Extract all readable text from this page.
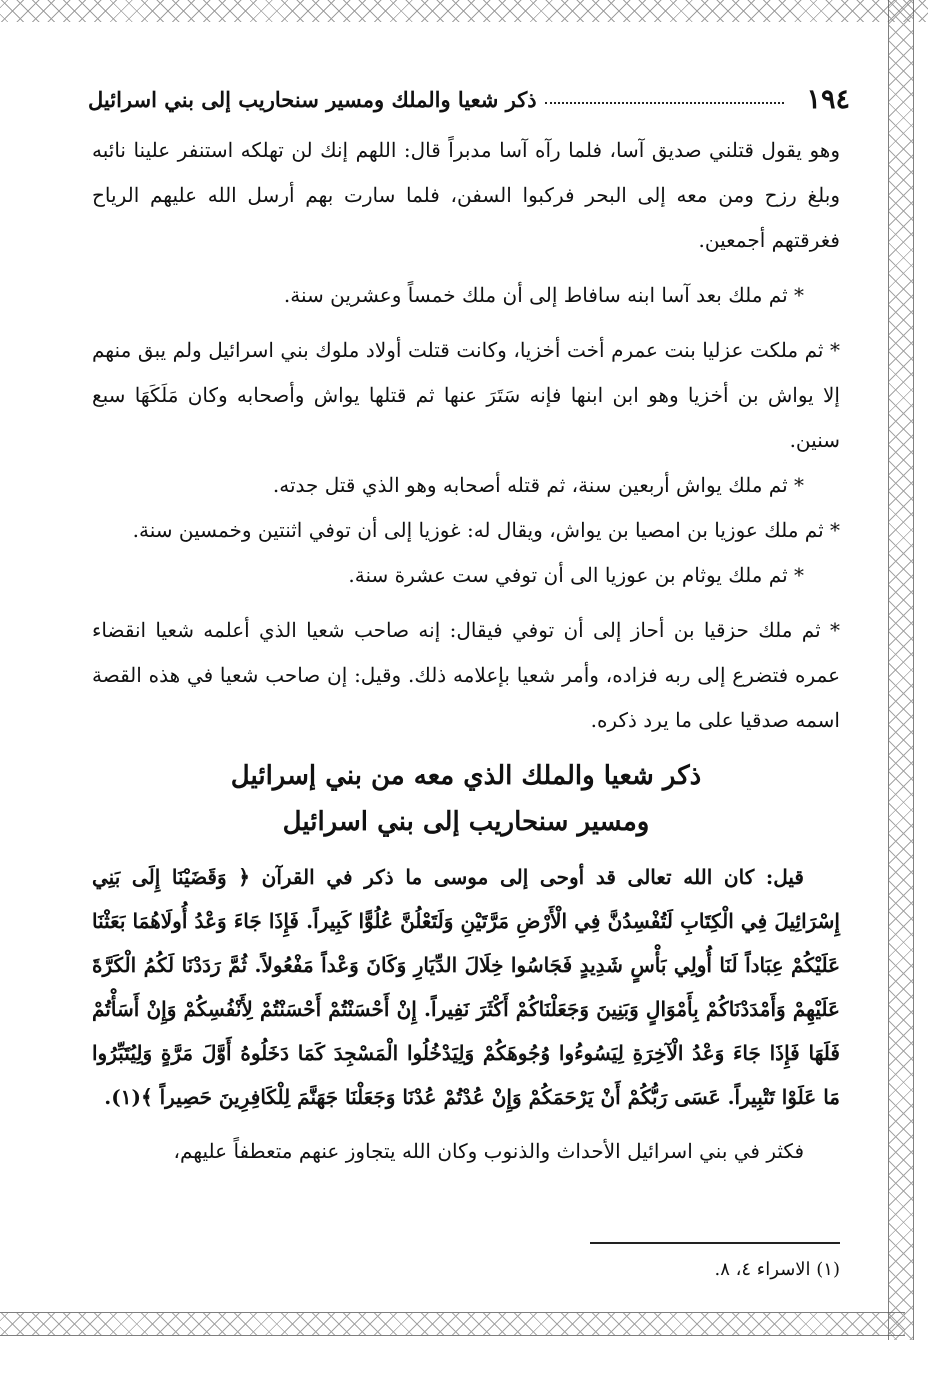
١٩٤
ذكر شعيا والملك ومسير سنحاريب إلى بني اسرائيل

وهو يقول قتلني صديق آسا، فلما رآه آسا مدبراً قال: اللهم إنك لن تهلكه استنفر علينا نائبه وبلغ رزح ومن معه إلى البحر فركبوا السفن، فلما سارت بهم أرسل الله عليهم الرياح فغرقتهم أجمعين.

* ثم ملك بعد آسا ابنه سافاط إلى أن ملك خمساً وعشرين سنة.

* ثم ملكت عزليا بنت عمرم أخت أخزيا، وكانت قتلت أولاد ملوك بني اسرائيل ولم يبق منهم إلا يواش بن أخزيا وهو ابن ابنها فإنه سَتَرَ عنها ثم قتلها يواش وأصحابه وكان مَلَكَهَا سبع سنين.

* ثم ملك يواش أربعين سنة، ثم قتله أصحابه وهو الذي قتل جدته.

* ثم ملك عوزيا بن امصيا بن يواش، ويقال له: غوزيا إلى أن توفي اثنتين وخمسين سنة.

* ثم ملك يوثام بن عوزيا الى أن توفي ست عشرة سنة.

* ثم ملك حزقيا بن أحاز إلى أن توفي فيقال: إنه صاحب شعيا الذي أعلمه شعيا انقضاء عمره فتضرع إلى ربه فزاده، وأمر شعيا بإعلامه ذلك. وقيل: إن صاحب شعيا في هذه القصة اسمه صدقيا على ما يرد ذكره.

ذكر شعيا والملك الذي معه من بني إسرائيل
ومسير سنحاريب إلى بني اسرائيل

قيل: كان الله تعالى قد أوحى إلى موسى ما ذكر في القرآن ﴿ وَقَضَيْنَا إِلَى بَنِي إِسْرَائِيلَ فِي الْكِتَابِ لَتُفْسِدُنَّ فِي الْأَرْضِ مَرَّتَيْنِ وَلَتَعْلُنَّ عُلُوًّا كَبِيراً. فَإِذَا جَاءَ وَعْدُ أُولَاهُمَا بَعَثْنَا عَلَيْكُمْ عِبَاداً لَنَا أُولِي بَأْسٍ شَدِيدٍ فَجَاسُوا خِلَالَ الدِّيَارِ وَكَانَ وَعْداً مَفْعُولاً. ثُمَّ رَدَدْنَا لَكُمُ الْكَرَّةَ عَلَيْهِمْ وَأَمْدَدْنَاكُمْ بِأَمْوَالٍ وَبَنِينَ وَجَعَلْنَاكُمْ أَكْثَرَ نَفِيراً. إِنْ أَحْسَنْتُمْ أَحْسَنْتُمْ لِأَنْفُسِكُمْ وَإِنْ أَسَأْتُمْ فَلَهَا فَإِذَا جَاءَ وَعْدُ الْآخِرَةِ لِيَسُوءُوا وُجُوهَكُمْ وَلِيَدْخُلُوا الْمَسْجِدَ كَمَا دَخَلُوهُ أَوَّلَ مَرَّةٍ وَلِيُتَبِّرُوا مَا عَلَوْا تَتْبِيراً. عَسَى رَبُّكُمْ أَنْ يَرْحَمَكُمْ وَإِنْ عُدْتُمْ عُدْنَا وَجَعَلْنَا جَهَنَّمَ لِلْكَافِرِينَ حَصِيراً ﴾(١).

فكثر في بني اسرائيل الأحداث والذنوب وكان الله يتجاوز عنهم متعطفاً عليهم،

(١) الاسراء ٤، ٨.
